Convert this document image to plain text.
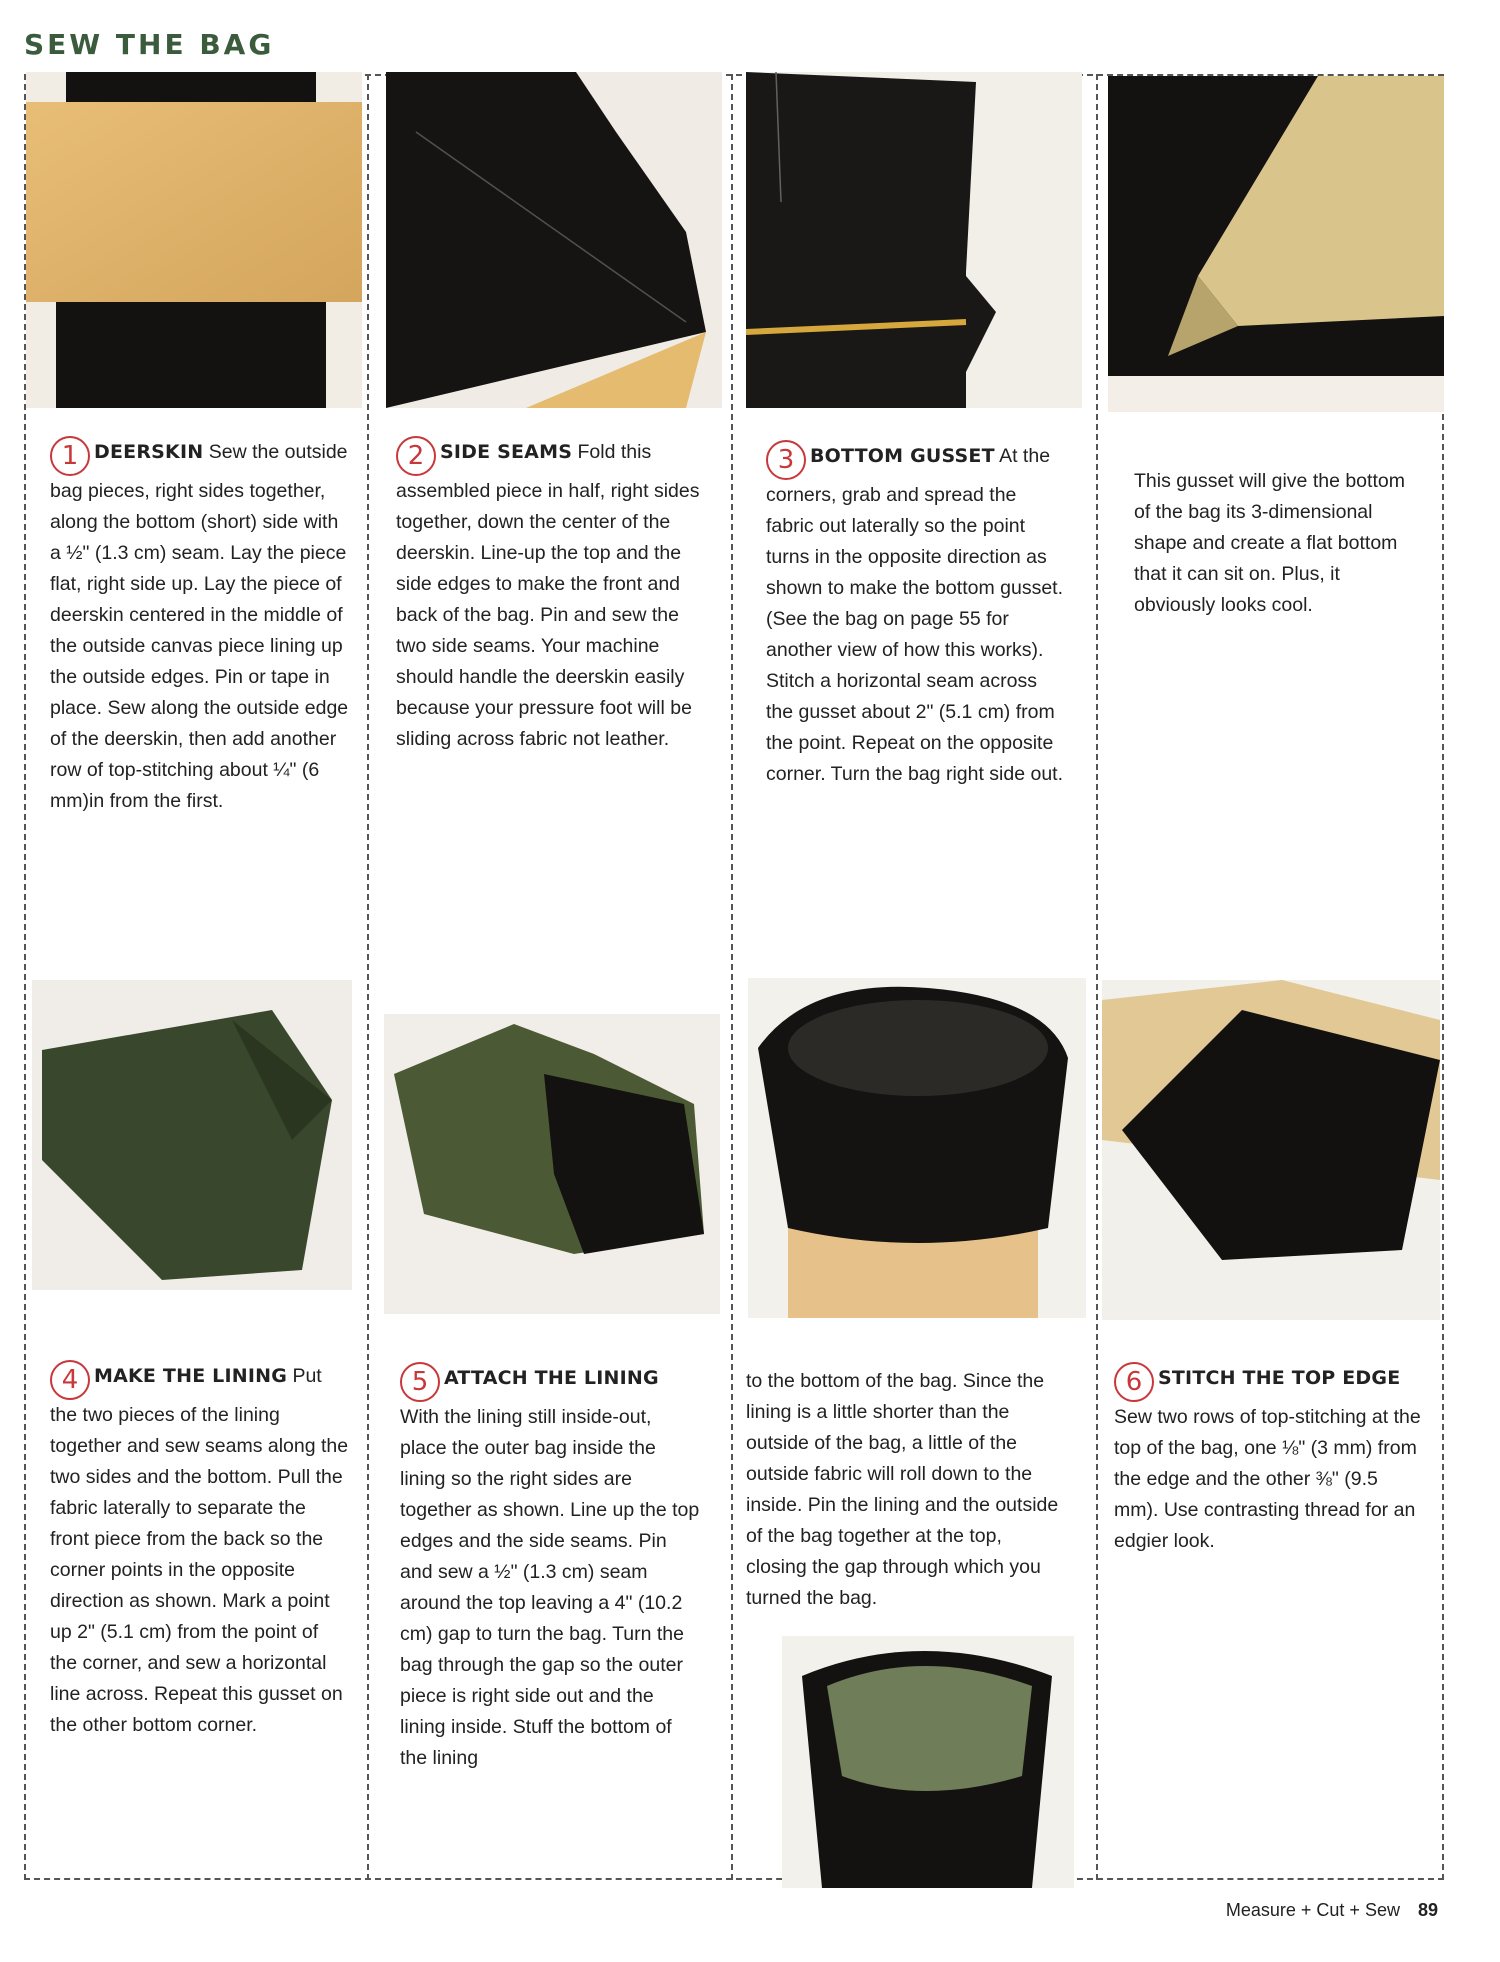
SEW THE BAG
1 DEERSKIN Sew the outside bag pieces, right sides together, along the bottom (short) side with a ½" (1.3 cm) seam. Lay the piece flat, right side up. Lay the piece of deerskin centered in the middle of the outside canvas piece lining up the outside edges. Pin or tape in place. Sew along the outside edge of the deerskin, then add another row of top-stitching about ¼" (6 mm)in from the first.
2 SIDE SEAMS Fold this assembled piece in half, right sides together, down the center of the deerskin. Line-up the top and the side edges to make the front and back of the bag. Pin and sew the two side seams. Your machine should handle the deerskin easily because your pressure foot will be sliding across fabric not leather.
3 BOTTOM GUSSET At the corners, grab and spread the fabric out laterally so the point turns in the opposite direction as shown to make the bottom gusset. (See the bag on page 55 for another view of how this works). Stitch a horizontal seam across the gusset about 2" (5.1 cm) from the point. Repeat on the opposite corner. Turn the bag right side out.
This gusset will give the bottom of the bag its 3-dimensional shape and create a flat bottom that it can sit on. Plus, it obviously looks cool.
4 MAKE THE LINING Put the two pieces of the lining together and sew seams along the two sides and the bottom. Pull the fabric laterally to separate the front piece from the back so the corner points in the opposite direction as shown. Mark a point up 2" (5.1 cm) from the point of the corner, and sew a horizontal line across. Repeat this gusset on the other bottom corner.
5 ATTACH THE LINING With the lining still inside-out, place the outer bag inside the lining so the right sides are together as shown. Line up the top edges and the side seams. Pin and sew a ½" (1.3 cm) seam around the top leaving a 4" (10.2 cm) gap to turn the bag. Turn the bag through the gap so the outer piece is right side out and the lining inside. Stuff the bottom of the lining
to the bottom of the bag. Since the lining is a little shorter than the outside of the bag, a little of the outside fabric will roll down to the inside. Pin the lining and the outside of the bag together at the top, closing the gap through which you turned the bag.
6 STITCH THE TOP EDGE Sew two rows of top-stitching at the top of the bag, one ⅛" (3 mm) from the edge and the other ⅜" (9.5 mm). Use contrasting thread for an edgier look.
Measure + Cut + Sew 89
